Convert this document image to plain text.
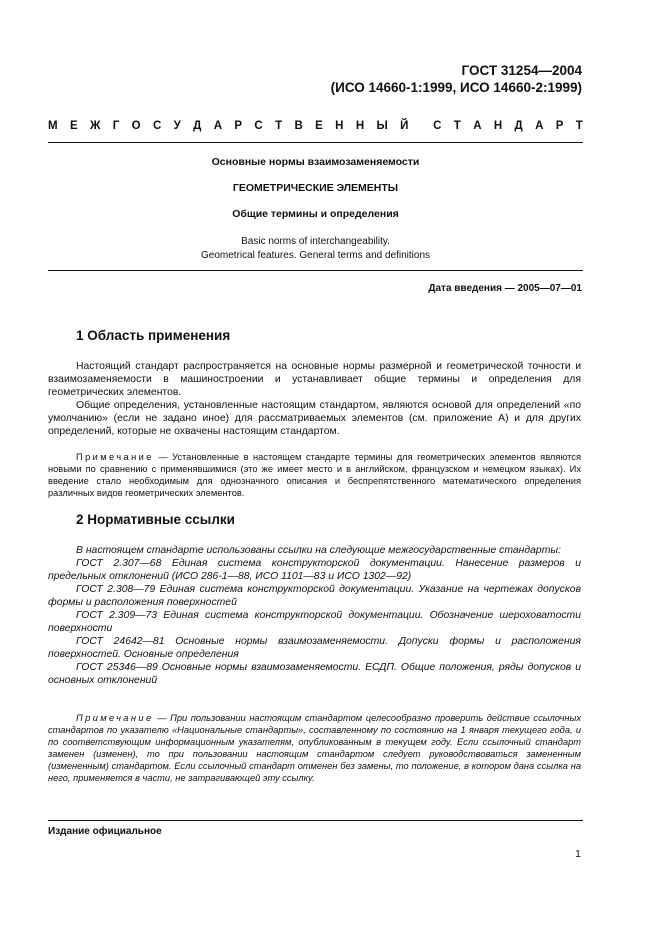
ГОСТ 31254—2004
(ИСО 14660-1:1999, ИСО 14660-2:1999)
М Е Ж Г О С У Д А Р С Т В Е Н Н Ы Й С Т А Н Д А Р Т
Основные нормы взаимозаменяемости
ГЕОМЕТРИЧЕСКИЕ ЭЛЕМЕНТЫ
Общие термины и определения
Basic norms of interchangeability.
Geometrical features. General terms and definitions
Дата введения — 2005—07—01
1 Область применения

Настоящий стандарт распространяется на основные нормы размерной и геометрической точности и взаимозаменяемости в машиностроении и устанавливает общие термины и определения для геометрических элементов.

Общие определения, установленные настоящим стандартом, являются основой для определений «по умолчанию» (если не задано иное) для рассматриваемых элементов (см. приложение А) и для других определений, которые не охвачены настоящим стандартом.

Примечание — Установленные в настоящем стандарте термины для геометрических элементов являются новыми по сравнению с применявшимися (это же имеет место и в английском, французском и немецком языках). Их введение стало необходимым для однозначного описания и беспрепятственного математического определения различных видов геометрических элементов.

2 Нормативные ссылки

В настоящем стандарте использованы ссылки на следующие межгосударственные стандарты:

ГОСТ 2.307—68 Единая система конструкторской документации. Нанесение размеров и предельных отклонений (ИСО 286-1—88, ИСО 1101—83 и ИСО 1302—92)

ГОСТ 2.308—79 Единая система конструкторской документации. Указание на чертежах допусков формы и расположения поверхностей

ГОСТ 2.309—73 Единая система конструкторской документации. Обозначение шероховатости поверхности

ГОСТ 24642—81 Основные нормы взаимозаменяемости. Допуски формы и расположения поверхностей. Основные определения

ГОСТ 25346—89 Основные нормы взаимозаменяемости. ЕСДП. Общие положения, ряды допусков и основных отклонений

Примечание — При пользовании настоящим стандартом целесообразно проверить действие ссылочных стандартов по указателю «Национальные стандарты», составленному по состоянию на 1 января текущего года, и по соответствующим информационным указателям, опубликованным в текущем году. Если ссылочный стандарт заменен (изменен), то при пользовании настоящим стандартом следует руководствоваться замененным (измененным) стандартом. Если ссылочный стандарт отменен без замены, то положение, в котором дана ссылка на него, применяется в части, не затрагивающей эту ссылку.

Издание официальное
1
